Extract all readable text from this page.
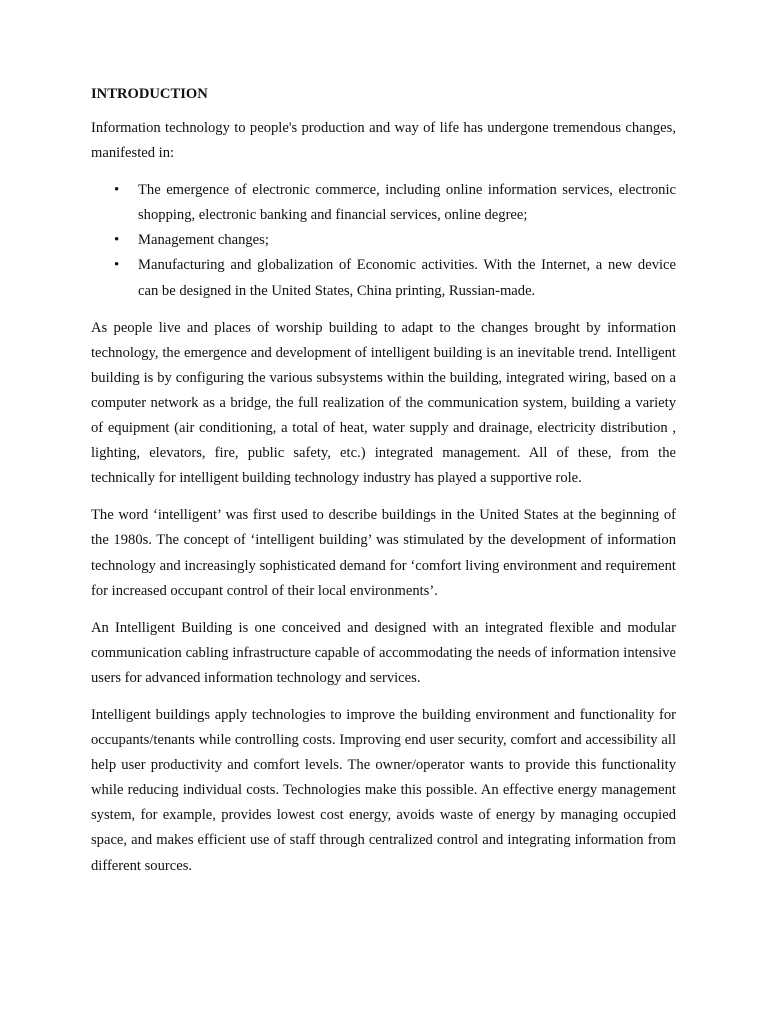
INTRODUCTION

Information technology to people's production and way of life has undergone tremendous changes, manifested in:

• The emergence of electronic commerce, including online information services, electronic shopping, electronic banking and financial services, online degree;
• Management changes;
• Manufacturing and globalization of Economic activities. With the Internet, a new device can be designed in the United States, China printing, Russian-made.

As people live and places of worship building to adapt to the changes brought by information technology, the emergence and development of intelligent building is an inevitable trend. Intelligent building is by configuring the various subsystems within the building, integrated wiring, based on a computer network as a bridge, the full realization of the communication system, building a variety of equipment (air conditioning, a total of heat, water supply and drainage, electricity distribution , lighting, elevators, fire, public safety, etc.) integrated management. All of these, from the technically for intelligent building technology industry has played a supportive role.

The word ‘intelligent’ was first used to describe buildings in the United States at the beginning of the 1980s. The concept of ‘intelligent building’ was stimulated by the development of information technology and increasingly sophisticated demand for ‘comfort living environment and requirement for increased occupant control of their local environments’.

An Intelligent Building is one conceived and designed with an integrated flexible and modular communication cabling infrastructure capable of accommodating the needs of information intensive users for advanced information technology and services.

Intelligent buildings apply technologies to improve the building environment and functionality for occupants/tenants while controlling costs. Improving end user security, comfort and accessibility all help user productivity and comfort levels. The owner/operator wants to provide this functionality while reducing individual costs. Technologies make this possible. An effective energy management system, for example, provides lowest cost energy, avoids waste of energy by managing occupied space, and makes efficient use of staff through centralized control and integrating information from different sources.
